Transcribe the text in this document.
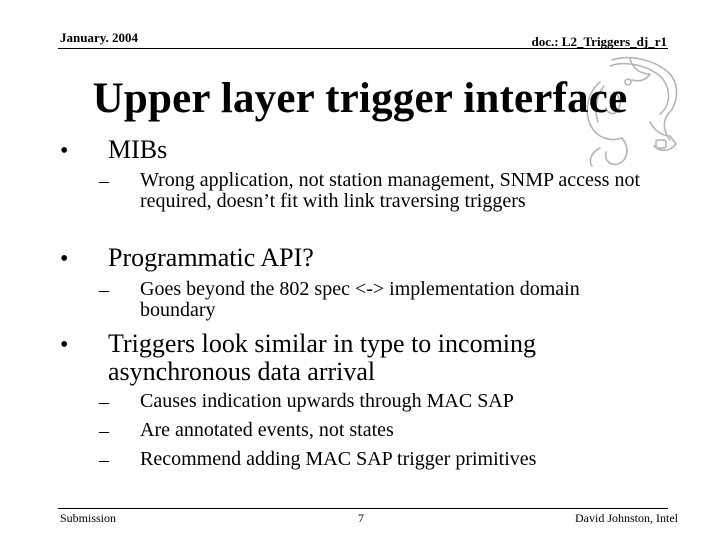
January. 2004	doc.: L2_Triggers_dj_r1
Upper layer trigger interface
• MIBs
– Wrong application, not station management, SNMP access not required, doesn’t fit with link traversing triggers
• Programmatic API?
– Goes beyond the 802 spec <-> implementation domain boundary
• Triggers look similar in type to incoming asynchronous data arrival
– Causes indication upwards through MAC SAP
– Are annotated events, not states
– Recommend adding MAC SAP trigger primitives
Submission	7	David Johnston, Intel
